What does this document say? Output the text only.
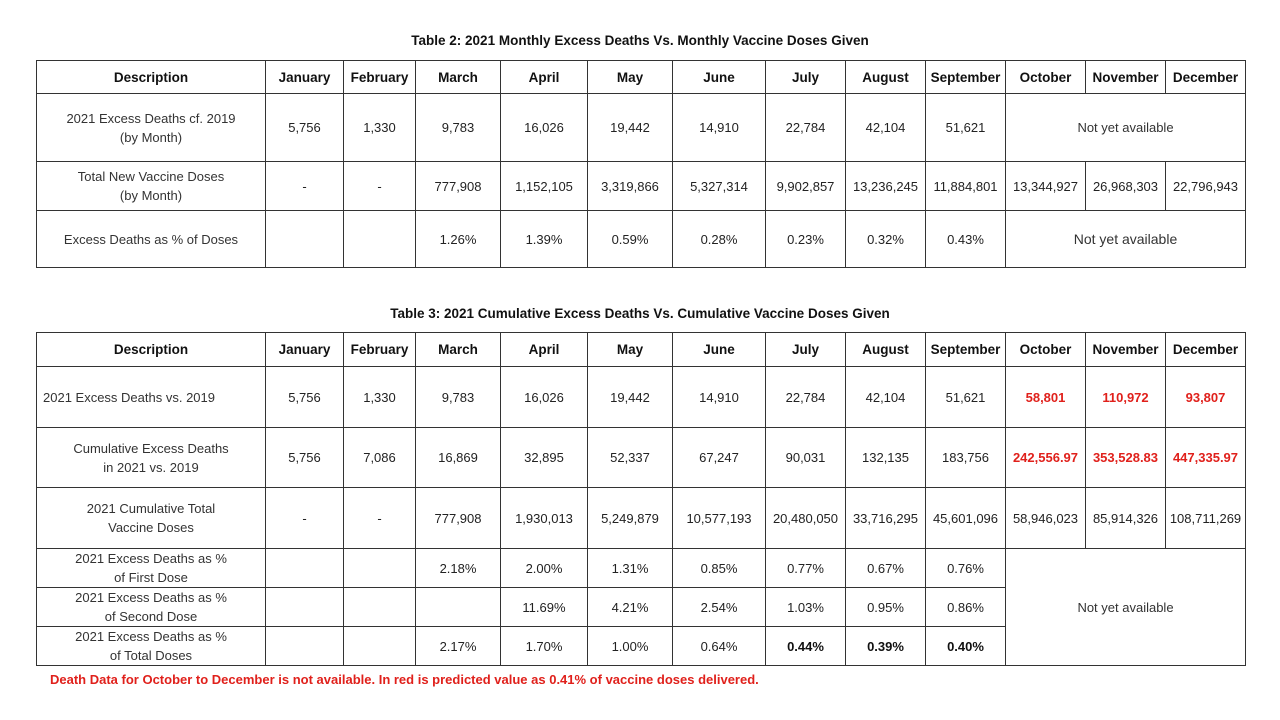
Table 2: 2021 Monthly Excess Deaths Vs. Monthly Vaccine Doses Given
Description	January	February	March	April	May	June	July	August	September	October	November	December
2021 Excess Deaths cf. 2019
(by Month)	5,756	1,330	9,783	16,026	19,442	14,910	22,784	42,104	51,621	Not yet available		
Total New Vaccine Doses
(by Month)	-	-	777,908	1,152,105	3,319,866	5,327,314	9,902,857	13,236,245	11,884,801	13,344,927	26,968,303	22,796,943
Excess Deaths as % of Doses			1.26%	1.39%	0.59%	0.28%	0.23%	0.32%	0.43%	Not yet available		
Table 3: 2021 Cumulative Excess Deaths Vs. Cumulative Vaccine Doses Given
Description	January	February	March	April	May	June	July	August	September	October	November	December
2021 Excess Deaths vs. 2019	5,756	1,330	9,783	16,026	19,442	14,910	22,784	42,104	51,621	58,801	110,972	93,807
Cumulative Excess Deaths
in 2021 vs. 2019	5,756	7,086	16,869	32,895	52,337	67,247	90,031	132,135	183,756	242,556.97	353,528.83	447,335.97
2021 Cumulative Total
Vaccine Doses	-	-	777,908	1,930,013	5,249,879	10,577,193	20,480,050	33,716,295	45,601,096	58,946,023	85,914,326	108,711,269
2021 Excess Deaths as %
of First Dose			2.18%	2.00%	1.31%	0.85%	0.77%	0.67%	0.76%	Not yet available		
2021 Excess Deaths as %
of Second Dose				11.69%	4.21%	2.54%	1.03%	0.95%	0.86%			
2021 Excess Deaths as %
of Total Doses			2.17%	1.70%	1.00%	0.64%	0.44%	0.39%	0.40%			
Death Data for October to December is not available. In red is predicted value as 0.41% of vaccine doses delivered.
